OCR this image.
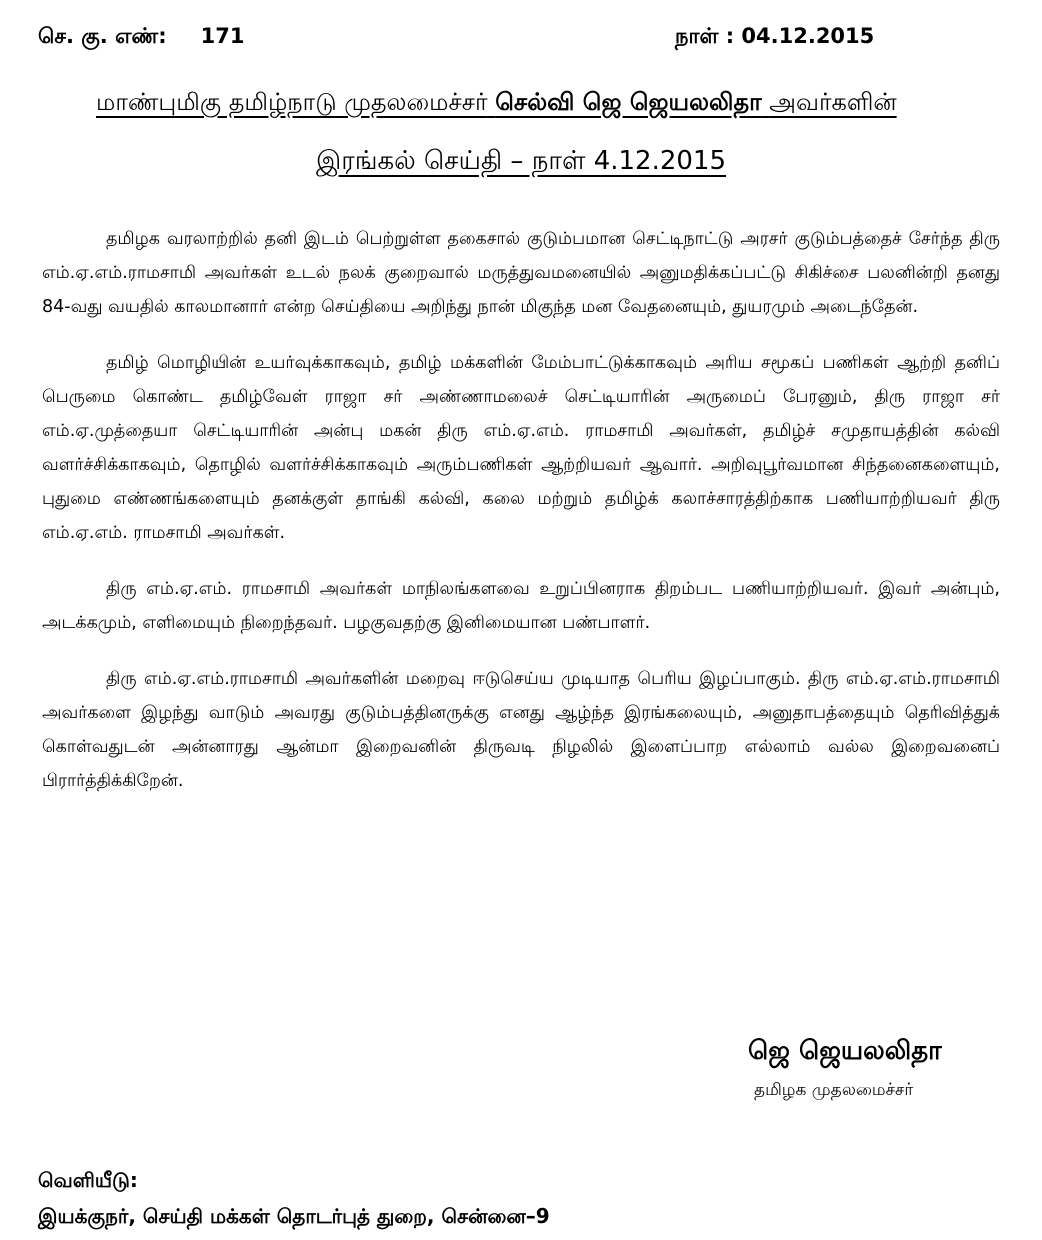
செ. கு. எண்: 171	நாள் : 04.12.2015
மாண்புமிகு தமிழ்நாடு முதலமைச்சர் செல்வி ஜெ ஜெயலலிதா அவர்களின்
இரங்கல் செய்தி – நாள் 4.12.2015

தமிழக வரலாற்றில் தனி இடம் பெற்றுள்ள தகைசால் குடும்பமான செட்டிநாட்டு அரசர் குடும்பத்தைச் சேர்ந்த திரு எம்.ஏ.எம்.ராமசாமி அவர்கள் உடல் நலக் குறைவால் மருத்துவமனையில் அனுமதிக்கப்பட்டு சிகிச்சை பலனின்றி தனது 84-வது வயதில் காலமானார் என்ற செய்தியை அறிந்து நான் மிகுந்த மன வேதனையும், துயரமும் அடைந்தேன்.

தமிழ் மொழியின் உயர்வுக்காகவும், தமிழ் மக்களின் மேம்பாட்டுக்காகவும் அரிய சமூகப் பணிகள் ஆற்றி தனிப் பெருமை கொண்ட தமிழ்வேள் ராஜா சர் அண்ணாமலைச் செட்டியாரின் அருமைப் பேரனும், திரு ராஜா சர் எம்.ஏ.முத்தையா செட்டியாரின் அன்பு மகன் திரு எம்.ஏ.எம். ராமசாமி அவர்கள், தமிழ்ச் சமுதாயத்தின் கல்வி வளர்ச்சிக்காகவும், தொழில் வளர்ச்சிக்காகவும் அரும்பணிகள் ஆற்றியவர் ஆவார். அறிவுபூர்வமான சிந்தனைகளையும், புதுமை எண்ணங்களையும் தனக்குள் தாங்கி கல்வி, கலை மற்றும் தமிழ்க் கலாச்சாரத்திற்காக பணியாற்றியவர் திரு எம்.ஏ.எம். ராமசாமி அவர்கள்.

திரு எம்.ஏ.எம். ராமசாமி அவர்கள் மாநிலங்களவை உறுப்பினராக திறம்பட பணியாற்றியவர். இவர் அன்பும், அடக்கமும், எளிமையும் நிறைந்தவர். பழகுவதற்கு இனிமையான பண்பாளர்.

திரு எம்.ஏ.எம்.ராமசாமி அவர்களின் மறைவு ஈடுசெய்ய முடியாத பெரிய இழப்பாகும். திரு எம்.ஏ.எம்.ராமசாமி அவர்களை இழந்து வாடும் அவரது குடும்பத்தினருக்கு எனது ஆழ்ந்த இரங்கலையும், அனுதாபத்தையும் தெரிவித்துக் கொள்வதுடன் அன்னாரது ஆன்மா இறைவனின் திருவடி நிழலில் இளைப்பாற எல்லாம் வல்ல இறைவனைப் பிரார்த்திக்கிறேன்.

ஜெ ஜெயலலிதா
தமிழக முதலமைச்சர்
வெளியீடு:
இயக்குநர், செய்தி மக்கள் தொடர்புத் துறை, சென்னை–9
